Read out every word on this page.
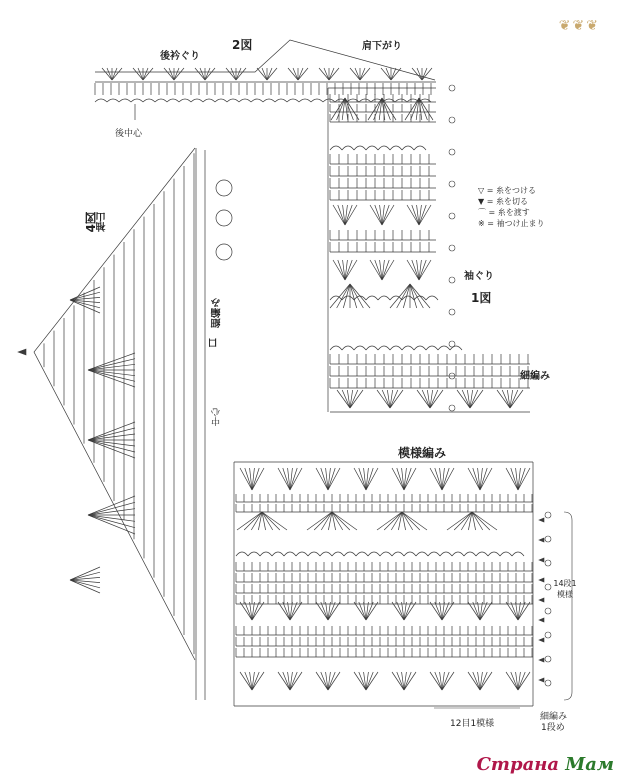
❦❦❦
2図
後衿ぐり
肩下がり
後中心
1図
袖ぐり
細編み
模様編み
4図 袖山
口
細編み
中心
14段1模様
12目1模様
細編み
1段め
▽ = 糸をつける
▼ = 糸を切る
⌒ = 糸を渡す
※ = 袖つけ止まり
Страна Мам
